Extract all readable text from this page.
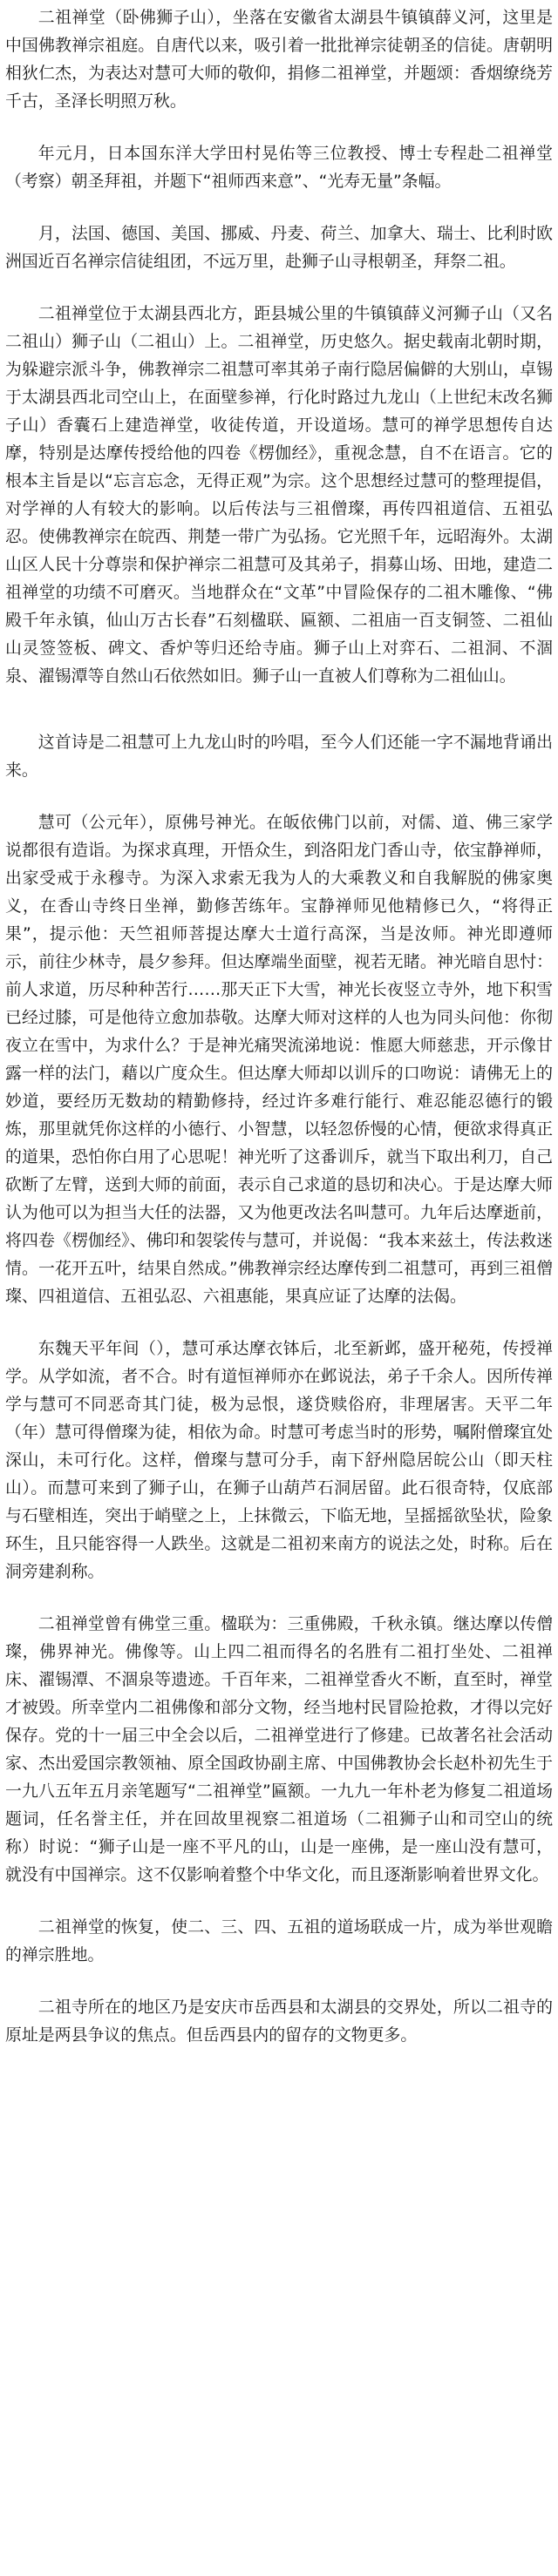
二祖禅堂（卧佛狮子山），坐落在安徽省太湖县牛镇镇薛义河，这里是中国佛教禅宗祖庭。自唐代以来，吸引着一批批禅宗徒朝圣的信徒。唐朝明相狄仁杰，为表达对慧可大师的敬仰，捐修二祖禅堂，并题颂：香烟缭绕芳千古，圣泽长明照万秋。

年元月，日本国东洋大学田村晃佑等三位教授、博士专程赴二祖禅堂（考察）朝圣拜祖，并题下“祖师西来意”、“光寿无量”条幅。

月，法国、德国、美国、挪威、丹麦、荷兰、加拿大、瑞士、比利时欧洲国近百名禅宗信徒组团，不远万里，赴狮子山寻根朝圣，拜祭二祖。

二祖禅堂位于太湖县西北方，距县城公里的牛镇镇薛义河狮子山（又名二祖山）狮子山（二祖山）上。二祖禅堂，历史悠久。据史载南北朝时期，为躲避宗派斗争，佛教禅宗二祖慧可率其弟子南行隐居偏僻的大别山，卓锡于太湖县西北司空山上，在面壁参禅，行化时路过九龙山（上世纪末改名狮子山）香囊石上建造禅堂，收徒传道，开设道场。慧可的禅学思想传自达摩，特别是达摩传授给他的四卷《楞伽经》，重视念慧，自不在语言。它的根本主旨是以“忘言忘念，无得正观”为宗。这个思想经过慧可的整理提倡，对学禅的人有较大的影响。以后传法与三祖僧璨，再传四祖道信、五祖弘忍。使佛教禅宗在皖西、荆楚一带广为弘扬。它光照千年，远昭海外。太湖山区人民十分尊崇和保护禅宗二祖慧可及其弟子，捐募山场、田地，建造二祖禅堂的功绩不可磨灭。当地群众在“文革”中冒险保存的二祖木雕像、“佛殿千年永镇，仙山万古长春”石刻楹联、匾额、二祖庙一百支铜签、二祖仙山灵签签板、碑文、香炉等归还给寺庙。狮子山上对弈石、二祖洞、不涸泉、濯锡潭等自然山石依然如旧。狮子山一直被人们尊称为二祖仙山。

这首诗是二祖慧可上九龙山时的吟唱，至今人们还能一字不漏地背诵出来。

慧可（公元年），原佛号神光。在皈依佛门以前，对儒、道、佛三家学说都很有造诣。为探求真理，开悟众生，到洛阳龙门香山寺，依宝静禅师，出家受戒于永穆寺。为深入求索无我为人的大乘教义和自我解脱的佛家奥义，在香山寺终日坐禅，勤修苦练年。宝静禅师见他精修已久，“将得正果”，提示他：天竺祖师菩提达摩大士道行高深，当是汝师。神光即遵师示，前往少林寺，晨夕参拜。但达摩端坐面壁，视若无睹。神光暗自思忖：前人求道，历尽种种苦行……那天正下大雪，神光长夜竖立寺外，地下积雪已经过膝，可是他待立愈加恭敬。达摩大师对这样的人也为同头问他：你彻夜立在雪中，为求什么？于是神光痛哭流涕地说：惟愿大师慈悲，开示像甘露一样的法门，藉以广度众生。但达摩大师却以训斥的口吻说：请佛无上的妙道，要经历无数劫的精勤修持，经过许多难行能行、难忍能忍德行的锻炼，那里就凭你这样的小德行、小智慧，以轻忽侨慢的心情，便欲求得真正的道果，恐怕你白用了心思呢！神光听了这番训斥，就当下取出利刀，自己砍断了左臂，送到大师的前面，表示自己求道的恳切和决心。于是达摩大师认为他可以为担当大任的法器，又为他更改法名叫慧可。九年后达摩逝前，将四卷《楞伽经》、佛印和袈裟传与慧可，并说偈：“我本来兹土，传法救迷情。一花开五叶，结果自然成。”佛教禅宗经达摩传到二祖慧可，再到三祖僧璨、四祖道信、五祖弘忍、六祖惠能，果真应证了达摩的法偈。

东魏天平年间（），慧可承达摩衣钵后，北至新邺，盛开秘苑，传授禅学。从学如流，者不合。时有道恒禅师亦在邺说法，弟子千余人。因所传禅学与慧可不同恶奇其门徒，极为忌恨，遂贷赎俗府，非理屠害。天平二年（年）慧可得僧璨为徒，相依为命。时慧可考虑当时的形势，嘱附僧璨宜处深山，未可行化。这样，僧璨与慧可分手，南下舒州隐居皖公山（即天柱山）。而慧可来到了狮子山，在狮子山葫芦石洞居留。此石很奇特，仅底部与石壁相连，突出于峭壁之上，上抹微云，下临无地，呈摇摇欲坠状，险象环生，且只能容得一人跌坐。这就是二祖初来南方的说法之处，时称。后在洞旁建刹称。

二祖禅堂曾有佛堂三重。楹联为：三重佛殿，千秋永镇。继达摩以传僧璨，佛界神光。佛像等。山上四二祖而得名的名胜有二祖打坐处、二祖禅床、濯锡潭、不涸泉等遗迹。千百年来，二祖禅堂香火不断，直至时，禅堂才被毁。所幸堂内二祖佛像和部分文物，经当地村民冒险抢救，才得以完好保存。党的十一届三中全会以后，二祖禅堂进行了修建。已故著名社会活动家、杰出爱国宗教领袖、原全国政协副主席、中国佛教协会长赵朴初先生于一九八五年五月亲笔题写“二祖禅堂”匾额。一九九一年朴老为修复二祖道场题词，任名誉主任，并在回故里视察二祖道场（二祖狮子山和司空山的统称）时说：“狮子山是一座不平凡的山，山是一座佛，是一座山没有慧可，就没有中国禅宗。这不仅影响着整个中华文化，而且逐渐影响着世界文化。

二祖禅堂的恢复，使二、三、四、五祖的道场联成一片，成为举世观瞻的禅宗胜地。

二祖寺所在的地区乃是安庆市岳西县和太湖县的交界处，所以二祖寺的原址是两县争议的焦点。但岳西县内的留存的文物更多。
